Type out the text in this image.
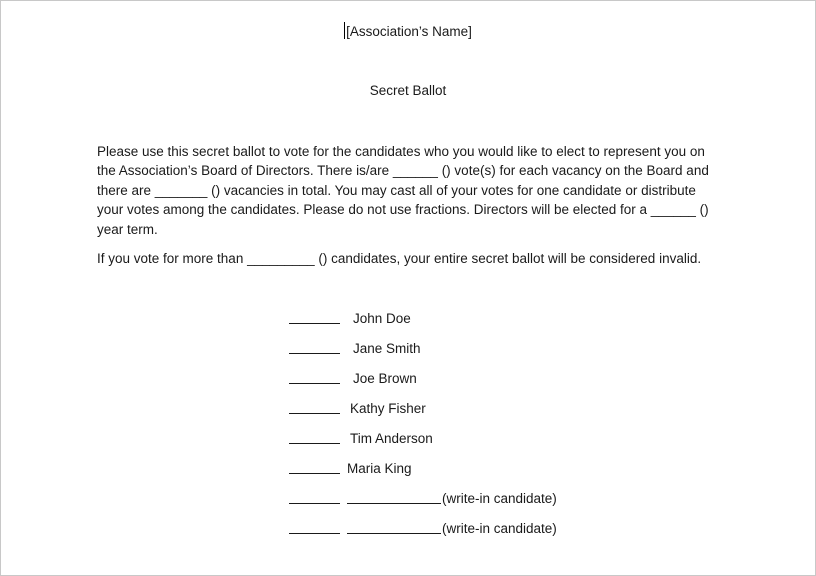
[Association’s Name]
Secret Ballot

Please use this secret ballot to vote for the candidates who you would like to elect to represent you on the Association’s Board of Directors. There is/are ______ () vote(s) for each vacancy on the Board and there are _______ () vacancies in total. You may cast all of your votes for one candidate or distribute your votes among the candidates. Please do not use fractions. Directors will be elected for a ______ () year term.

If you vote for more than _________ () candidates, your entire secret ballot will be considered invalid.

John Doe
Jane Smith
Joe Brown
Kathy Fisher
Tim Anderson
Maria King
(write-in candidate)
(write-in candidate)
